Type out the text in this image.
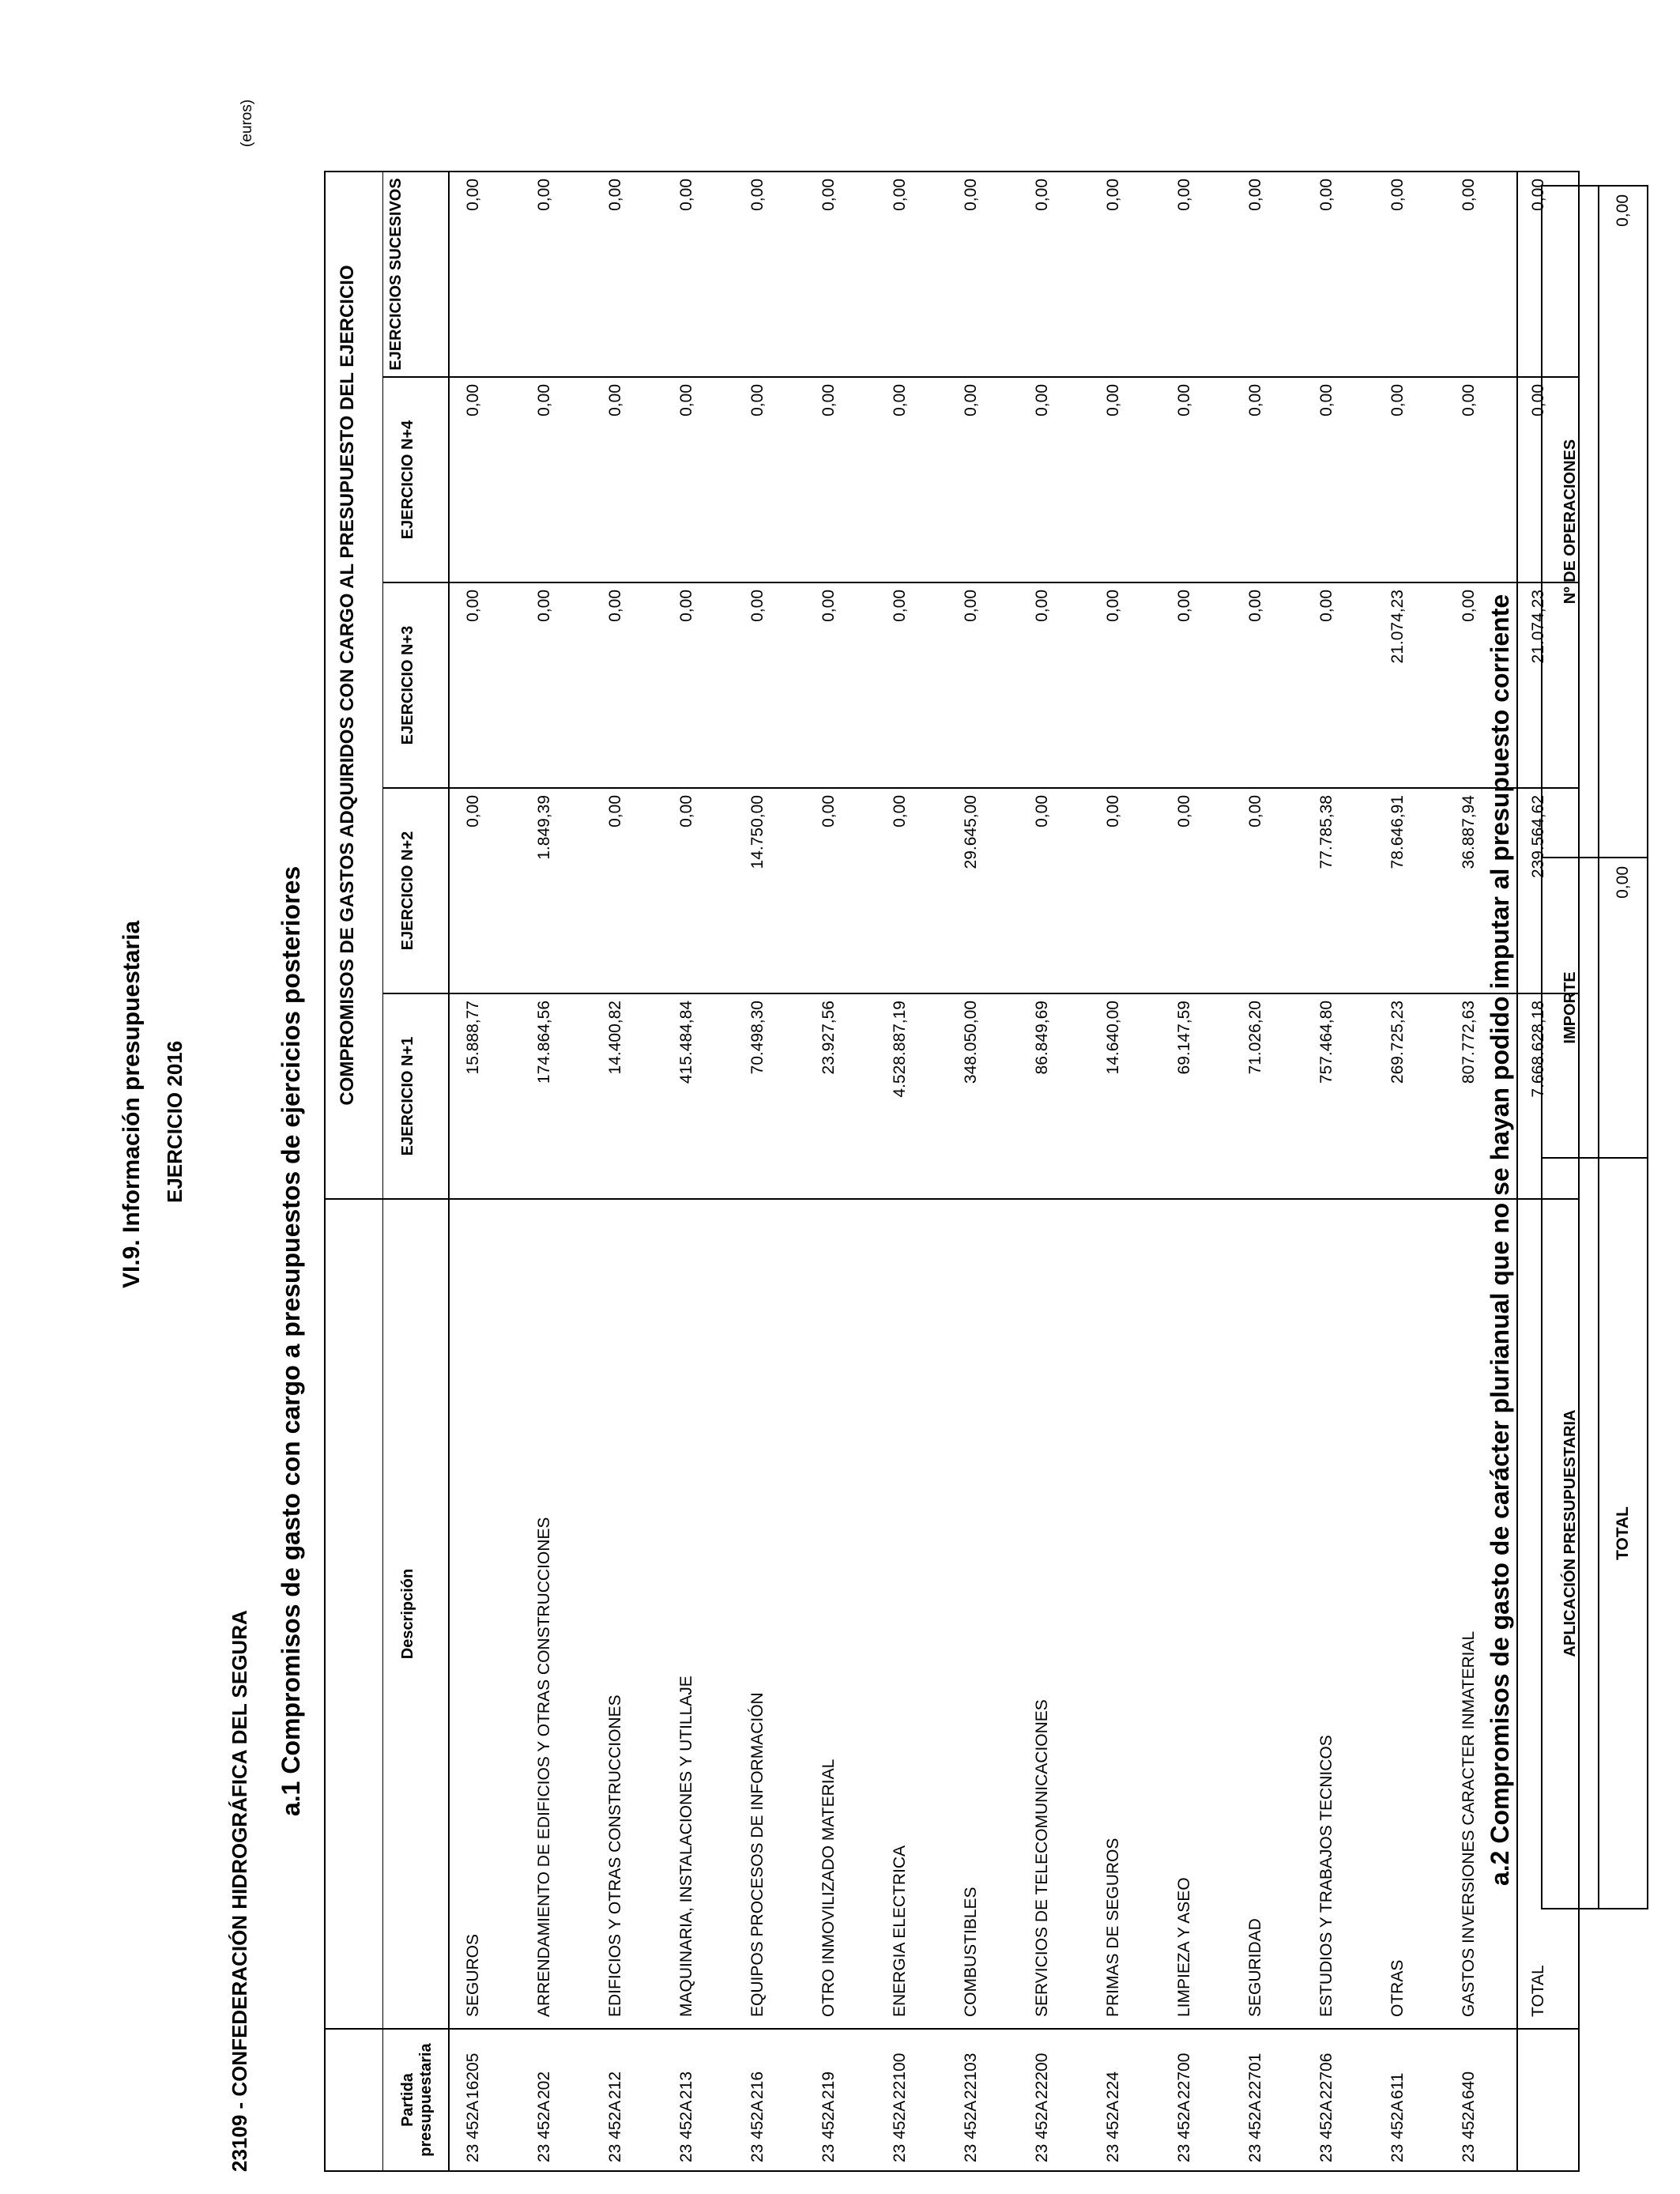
VI.9. Información presupuestaria EJERCICIO 2016
23109 - CONFEDERACIÓN HIDROGRÁFICA DEL SEGURA
(euros)
a.1 Compromisos de gasto con cargo a presupuestos de ejercicios posteriores
		COMPROMISOS DE GASTOS ADQUIRIDOS CON CARGO AL PRESUPUESTO DEL EJERCICIO				
Partida presupuestaria	Descripción	EJERCICIO N+1	EJERCICIO N+2	EJERCICIO N+3	EJERCICIO N+4	EJERCICIOS SUCESIVOS
23 452A16205	SEGUROS	15.888,77	0,00	0,00	0,00	0,00
23 452A202	ARRENDAMIENTO DE EDIFICIOS Y OTRAS CONSTRUCCIONES	174.864,56	1.849,39	0,00	0,00	0,00
23 452A212	EDIFICIOS Y OTRAS CONSTRUCCIONES	14.400,82	0,00	0,00	0,00	0,00
23 452A213	MAQUINARIA, INSTALACIONES Y UTILLAJE	415.484,84	0,00	0,00	0,00	0,00
23 452A216	EQUIPOS PROCESOS DE INFORMACIÓN	70.498,30	14.750,00	0,00	0,00	0,00
23 452A219	OTRO INMOVILIZADO MATERIAL	23.927,56	0,00	0,00	0,00	0,00
23 452A22100	ENERGIA ELECTRICA	4.528.887,19	0,00	0,00	0,00	0,00
23 452A22103	COMBUSTIBLES	348.050,00	29.645,00	0,00	0,00	0,00
23 452A22200	SERVICIOS DE TELECOMUNICACIONES	86.849,69	0,00	0,00	0,00	0,00
23 452A224	PRIMAS DE SEGUROS	14.640,00	0,00	0,00	0,00	0,00
23 452A22700	LIMPIEZA Y ASEO	69.147,59	0,00	0,00	0,00	0,00
23 452A22701	SEGURIDAD	71.026,20	0,00	0,00	0,00	0,00
23 452A22706	ESTUDIOS Y TRABAJOS TECNICOS	757.464,80	77.785,38	0,00	0,00	0,00
23 452A611	OTRAS	269.725,23	78.646,91	21.074,23	0,00	0,00
23 452A640	GASTOS INVERSIONES CARACTER INMATERIAL	807.772,63	36.887,94	0,00	0,00	0,00
	TOTAL	7.668.628,18	239.564,62	21.074,23	0,00	0,00
a.2 Compromisos de gasto de carácter plurianual que no se hayan podido imputar al presupuesto corriente	APLICACIÓN PRESUPUESTARIA	IMPORTE	Nº DE OPERACIONES
TOTAL	0,00	0,00
